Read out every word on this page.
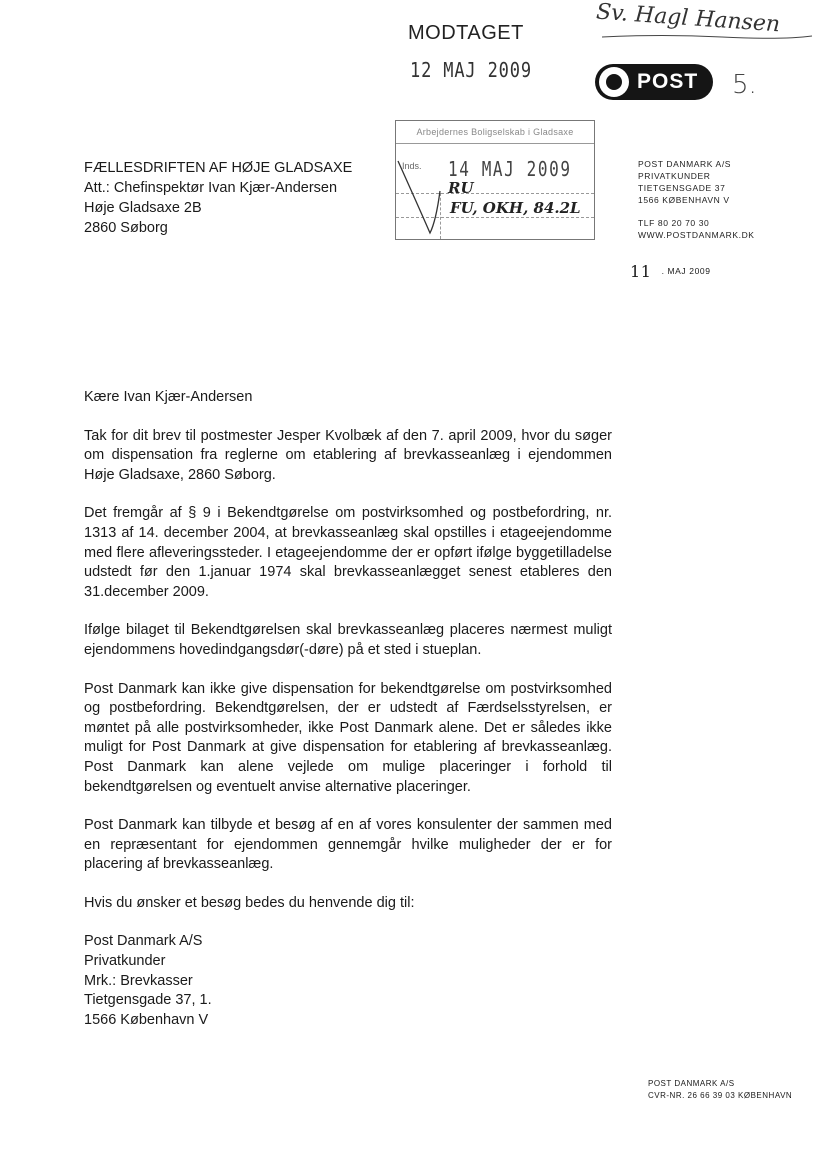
Sv. Hagl Hansen
MODTAGET
12 MAJ 2009	POST 5.
Arbejdernes Boligselskab i Gladsaxe
Inds. 14 MAJ 2009
RU
FU, OKH, 84.2L
FÆLLESDRIFTEN AF HØJE GLADSAXE
Att.: Chefinspektør Ivan Kjær-Andersen
Høje Gladsaxe 2B
2860 Søborg
POST DANMARK A/S
PRIVATKUNDER
TIETGENSGADE 37
1566 KØBENHAVN V
TLF 80 20 70 30
WWW.POSTDANMARK.DK
11 . MAJ 2009

Kære Ivan Kjær-Andersen

Tak for dit brev til postmester Jesper Kvolbæk af den 7. april 2009, hvor du søger om dispensation fra reglerne om etablering af brevkasseanlæg i ejendommen Høje Gladsaxe, 2860 Søborg.

Det fremgår af § 9 i Bekendtgørelse om postvirksomhed og postbefordring, nr. 1313 af 14. december 2004, at brevkasseanlæg skal opstilles i etageejendomme med flere afleveringssteder. I etageejendomme der er opført ifølge byggetilladelse udstedt før den 1.januar 1974 skal brevkasseanlægget senest etableres den 31.december 2009.

Ifølge bilaget til Bekendtgørelsen skal brevkasseanlæg placeres nærmest muligt ejendommens hovedindgangsdør(-døre) på et sted i stueplan.

Post Danmark kan ikke give dispensation for bekendtgørelse om postvirksomhed og postbefordring. Bekendtgørelsen, der er udstedt af Færdselsstyrelsen, er møntet på alle postvirksomheder, ikke Post Danmark alene. Det er således ikke muligt for Post Danmark at give dispensation for etablering af brevkasseanlæg. Post Danmark kan alene vejlede om mulige placeringer i forhold til bekendtgørelsen og eventuelt anvise alternative placeringer.

Post Danmark kan tilbyde et besøg af en af vores konsulenter der sammen med en repræsentant for ejendommen gennemgår hvilke muligheder der er for placering af brevkasseanlæg.

Hvis du ønsker et besøg bedes du henvende dig til:

Post Danmark A/S

Privatkunder

Mrk.: Brevkasser

Tietgensgade 37, 1.

1566 København V

POST DANMARK A/S
CVR-NR. 26 66 39 03 KØBENHAVN
